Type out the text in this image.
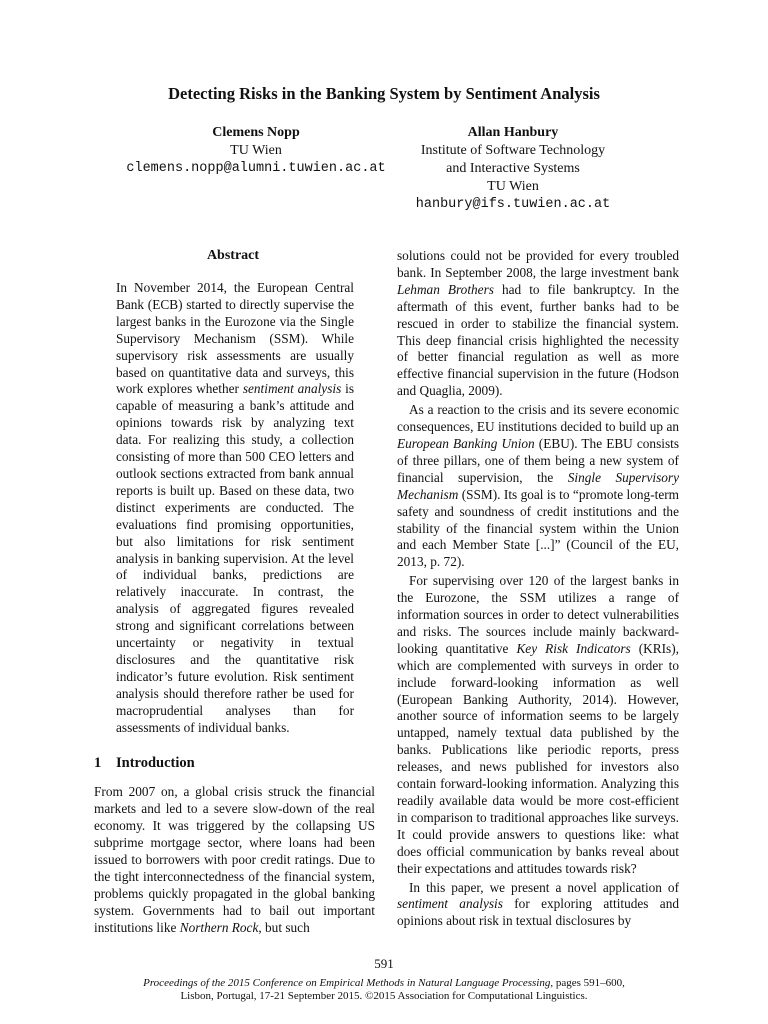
Detecting Risks in the Banking System by Sentiment Analysis
Clemens Nopp
TU Wien
clemens.nopp@alumni.tuwien.ac.at
Allan Hanbury
Institute of Software Technology
and Interactive Systems
TU Wien
hanbury@ifs.tuwien.ac.at
Abstract

In November 2014, the European Central Bank (ECB) started to directly supervise the largest banks in the Eurozone via the Single Supervisory Mechanism (SSM). While supervisory risk assessments are usually based on quantitative data and surveys, this work explores whether sentiment analysis is capable of measuring a bank’s attitude and opinions towards risk by analyzing text data. For realizing this study, a collection consisting of more than 500 CEO letters and outlook sections extracted from bank annual reports is built up. Based on these data, two distinct experiments are conducted. The evaluations find promising opportunities, but also limitations for risk sentiment analysis in banking supervision. At the level of individual banks, predictions are relatively inaccurate. In contrast, the analysis of aggregated figures revealed strong and significant correlations between uncertainty or negativity in textual disclosures and the quantitative risk indicator’s future evolution. Risk sentiment analysis should therefore rather be used for macroprudential analyses than for assessments of individual banks.

1 Introduction

From 2007 on, a global crisis struck the financial markets and led to a severe slow-down of the real economy. It was triggered by the collapsing US subprime mortgage sector, where loans had been issued to borrowers with poor credit ratings. Due to the tight interconnectedness of the financial system, problems quickly propagated in the global banking system. Governments had to bail out important institutions like Northern Rock, but such

solutions could not be provided for every troubled bank. In September 2008, the large investment bank Lehman Brothers had to file bankruptcy. In the aftermath of this event, further banks had to be rescued in order to stabilize the financial system. This deep financial crisis highlighted the necessity of better financial regulation as well as more effective financial supervision in the future (Hodson and Quaglia, 2009).

As a reaction to the crisis and its severe economic consequences, EU institutions decided to build up an European Banking Union (EBU). The EBU consists of three pillars, one of them being a new system of financial supervision, the Single Supervisory Mechanism (SSM). Its goal is to “promote long-term safety and soundness of credit institutions and the stability of the financial system within the Union and each Member State [...]” (Council of the EU, 2013, p. 72).

For supervising over 120 of the largest banks in the Eurozone, the SSM utilizes a range of information sources in order to detect vulnerabilities and risks. The sources include mainly backward-looking quantitative Key Risk Indicators (KRIs), which are complemented with surveys in order to include forward-looking information as well (European Banking Authority, 2014). However, another source of information seems to be largely untapped, namely textual data published by the banks. Publications like periodic reports, press releases, and news published for investors also contain forward-looking information. Analyzing this readily available data would be more cost-efficient in comparison to traditional approaches like surveys. It could provide answers to questions like: what does official communication by banks reveal about their expectations and attitudes towards risk?

In this paper, we present a novel application of sentiment analysis for exploring attitudes and opinions about risk in textual disclosures by

591
Proceedings of the 2015 Conference on Empirical Methods in Natural Language Processing, pages 591–600,
Lisbon, Portugal, 17-21 September 2015. ©2015 Association for Computational Linguistics.
